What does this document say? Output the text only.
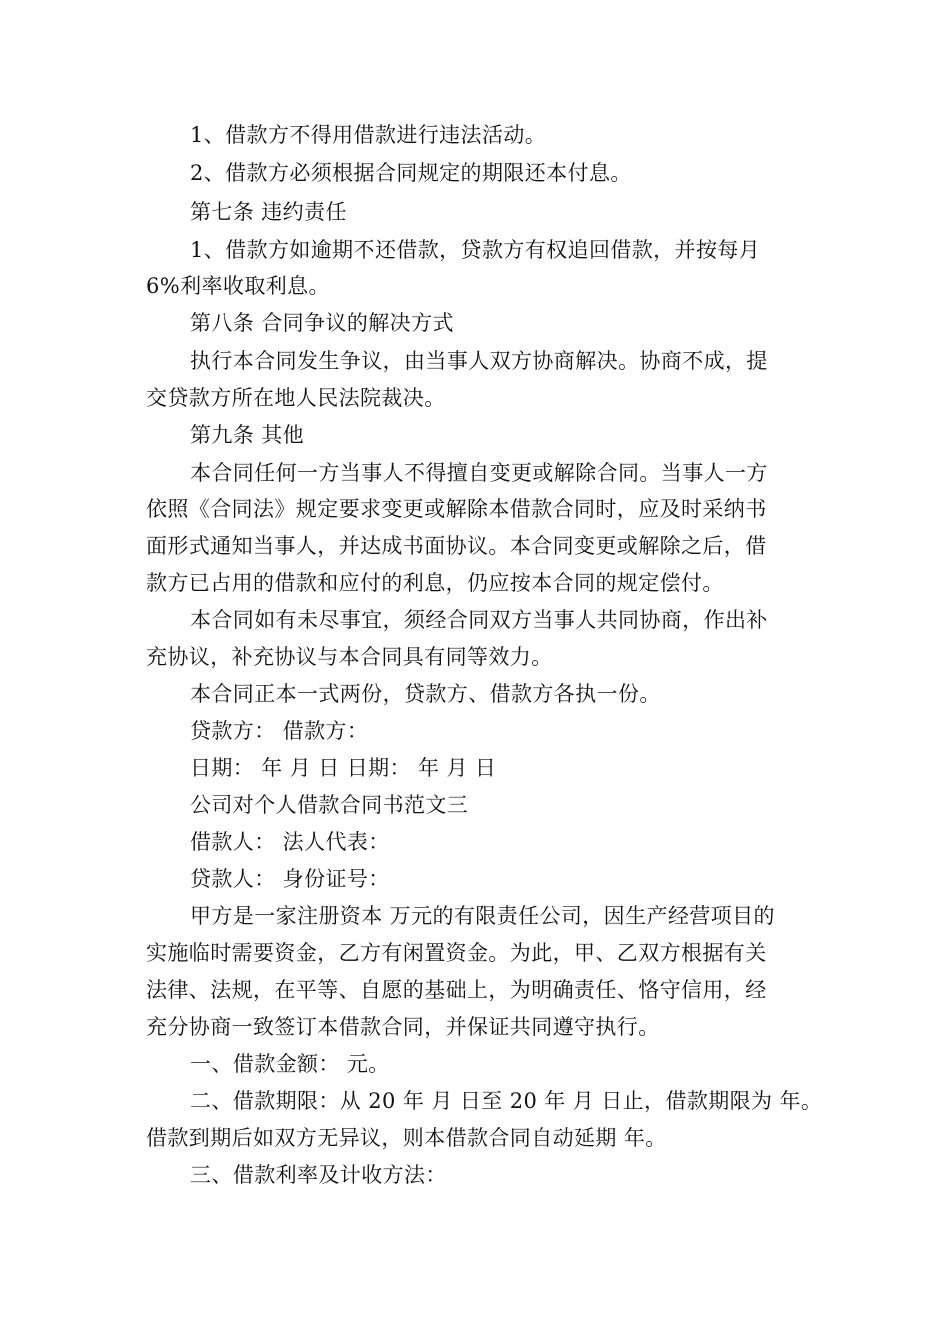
1、借款方不得用借款进行违法活动。

2、借款方必须根据合同规定的期限还本付息。

第七条 违约责任

1、借款方如逾期不还借款，贷款方有权追回借款，并按每月

6%利率收取利息。

第八条 合同争议的解决方式

执行本合同发生争议，由当事人双方协商解决。协商不成，提

交贷款方所在地人民法院裁决。

第九条 其他

本合同任何一方当事人不得擅自变更或解除合同。当事人一方

依照《合同法》规定要求变更或解除本借款合同时，应及时采纳书

面形式通知当事人，并达成书面协议。本合同变更或解除之后，借

款方已占用的借款和应付的利息，仍应按本合同的规定偿付。

本合同如有未尽事宜，须经合同双方当事人共同协商，作出补

充协议，补充协议与本合同具有同等效力。

本合同正本一式两份，贷款方、借款方各执一份。

贷款方： 借款方：

日期： 年 月 日 日期： 年 月 日

公司对个人借款合同书范文三

借款人： 法人代表：

贷款人： 身份证号：

甲方是一家注册资本 万元的有限责任公司，因生产经营项目的

实施临时需要资金，乙方有闲置资金。为此，甲、乙双方根据有关

法律、法规，在平等、自愿的基础上，为明确责任、恪守信用，经

充分协商一致签订本借款合同，并保证共同遵守执行。

一、借款金额： 元。

二、借款期限：从 20 年 月 日至 20 年 月 日止，借款期限为 年。

借款到期后如双方无异议，则本借款合同自动延期 年。

三、借款利率及计收方法：
